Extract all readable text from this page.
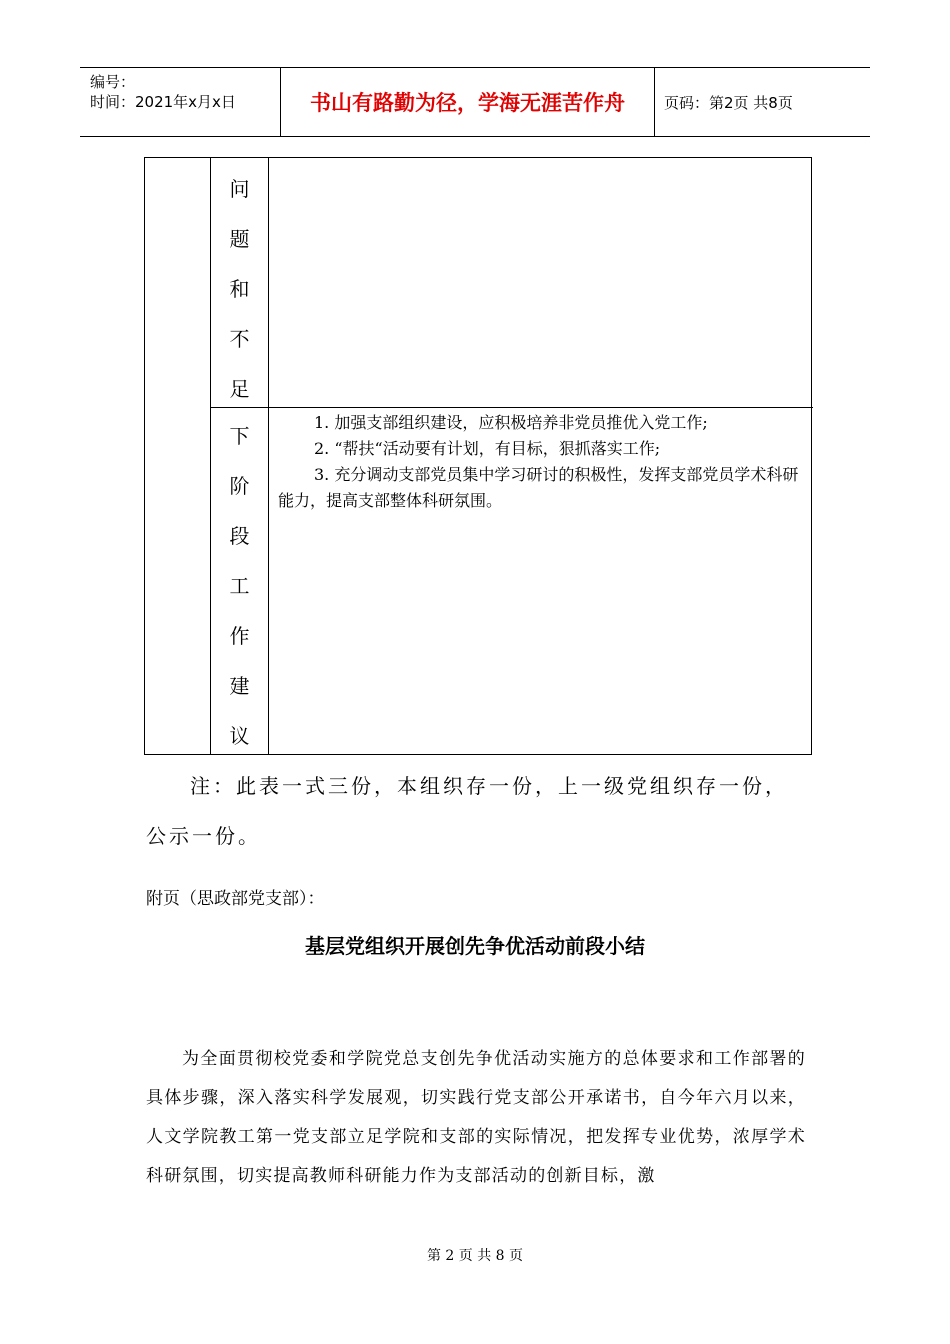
编号：
时间：2021年x月x日	书山有路勤为径，学海无涯苦作舟	页码：第2页 共8页
问
题
和
不
足
下
阶
段
工
作
建
议

1. 加强支部组织建设，应积极培养非党员推优入党工作;

2. “帮扶“活动要有计划，有目标，狠抓落实工作;

3. 充分调动支部党员集中学习研讨的积极性，发挥支部党员学术科研能力，提高支部整体科研氛围。

注：此表一式三份，本组织存一份，上一级党组织存一份，
公示一份。
附页（思政部党支部）：
基层党组织开展创先争优活动前段小结

为全面贯彻校党委和学院党总支创先争优活动实施方的总体要求和工作部署的具体步骤，深入落实科学发展观，切实践行党支部公开承诺书，自今年六月以来，人文学院教工第一党支部立足学院和支部的实际情况，把发挥专业优势，浓厚学术科研氛围，切实提高教师科研能力作为支部活动的创新目标，激

第 2 页 共 8 页
